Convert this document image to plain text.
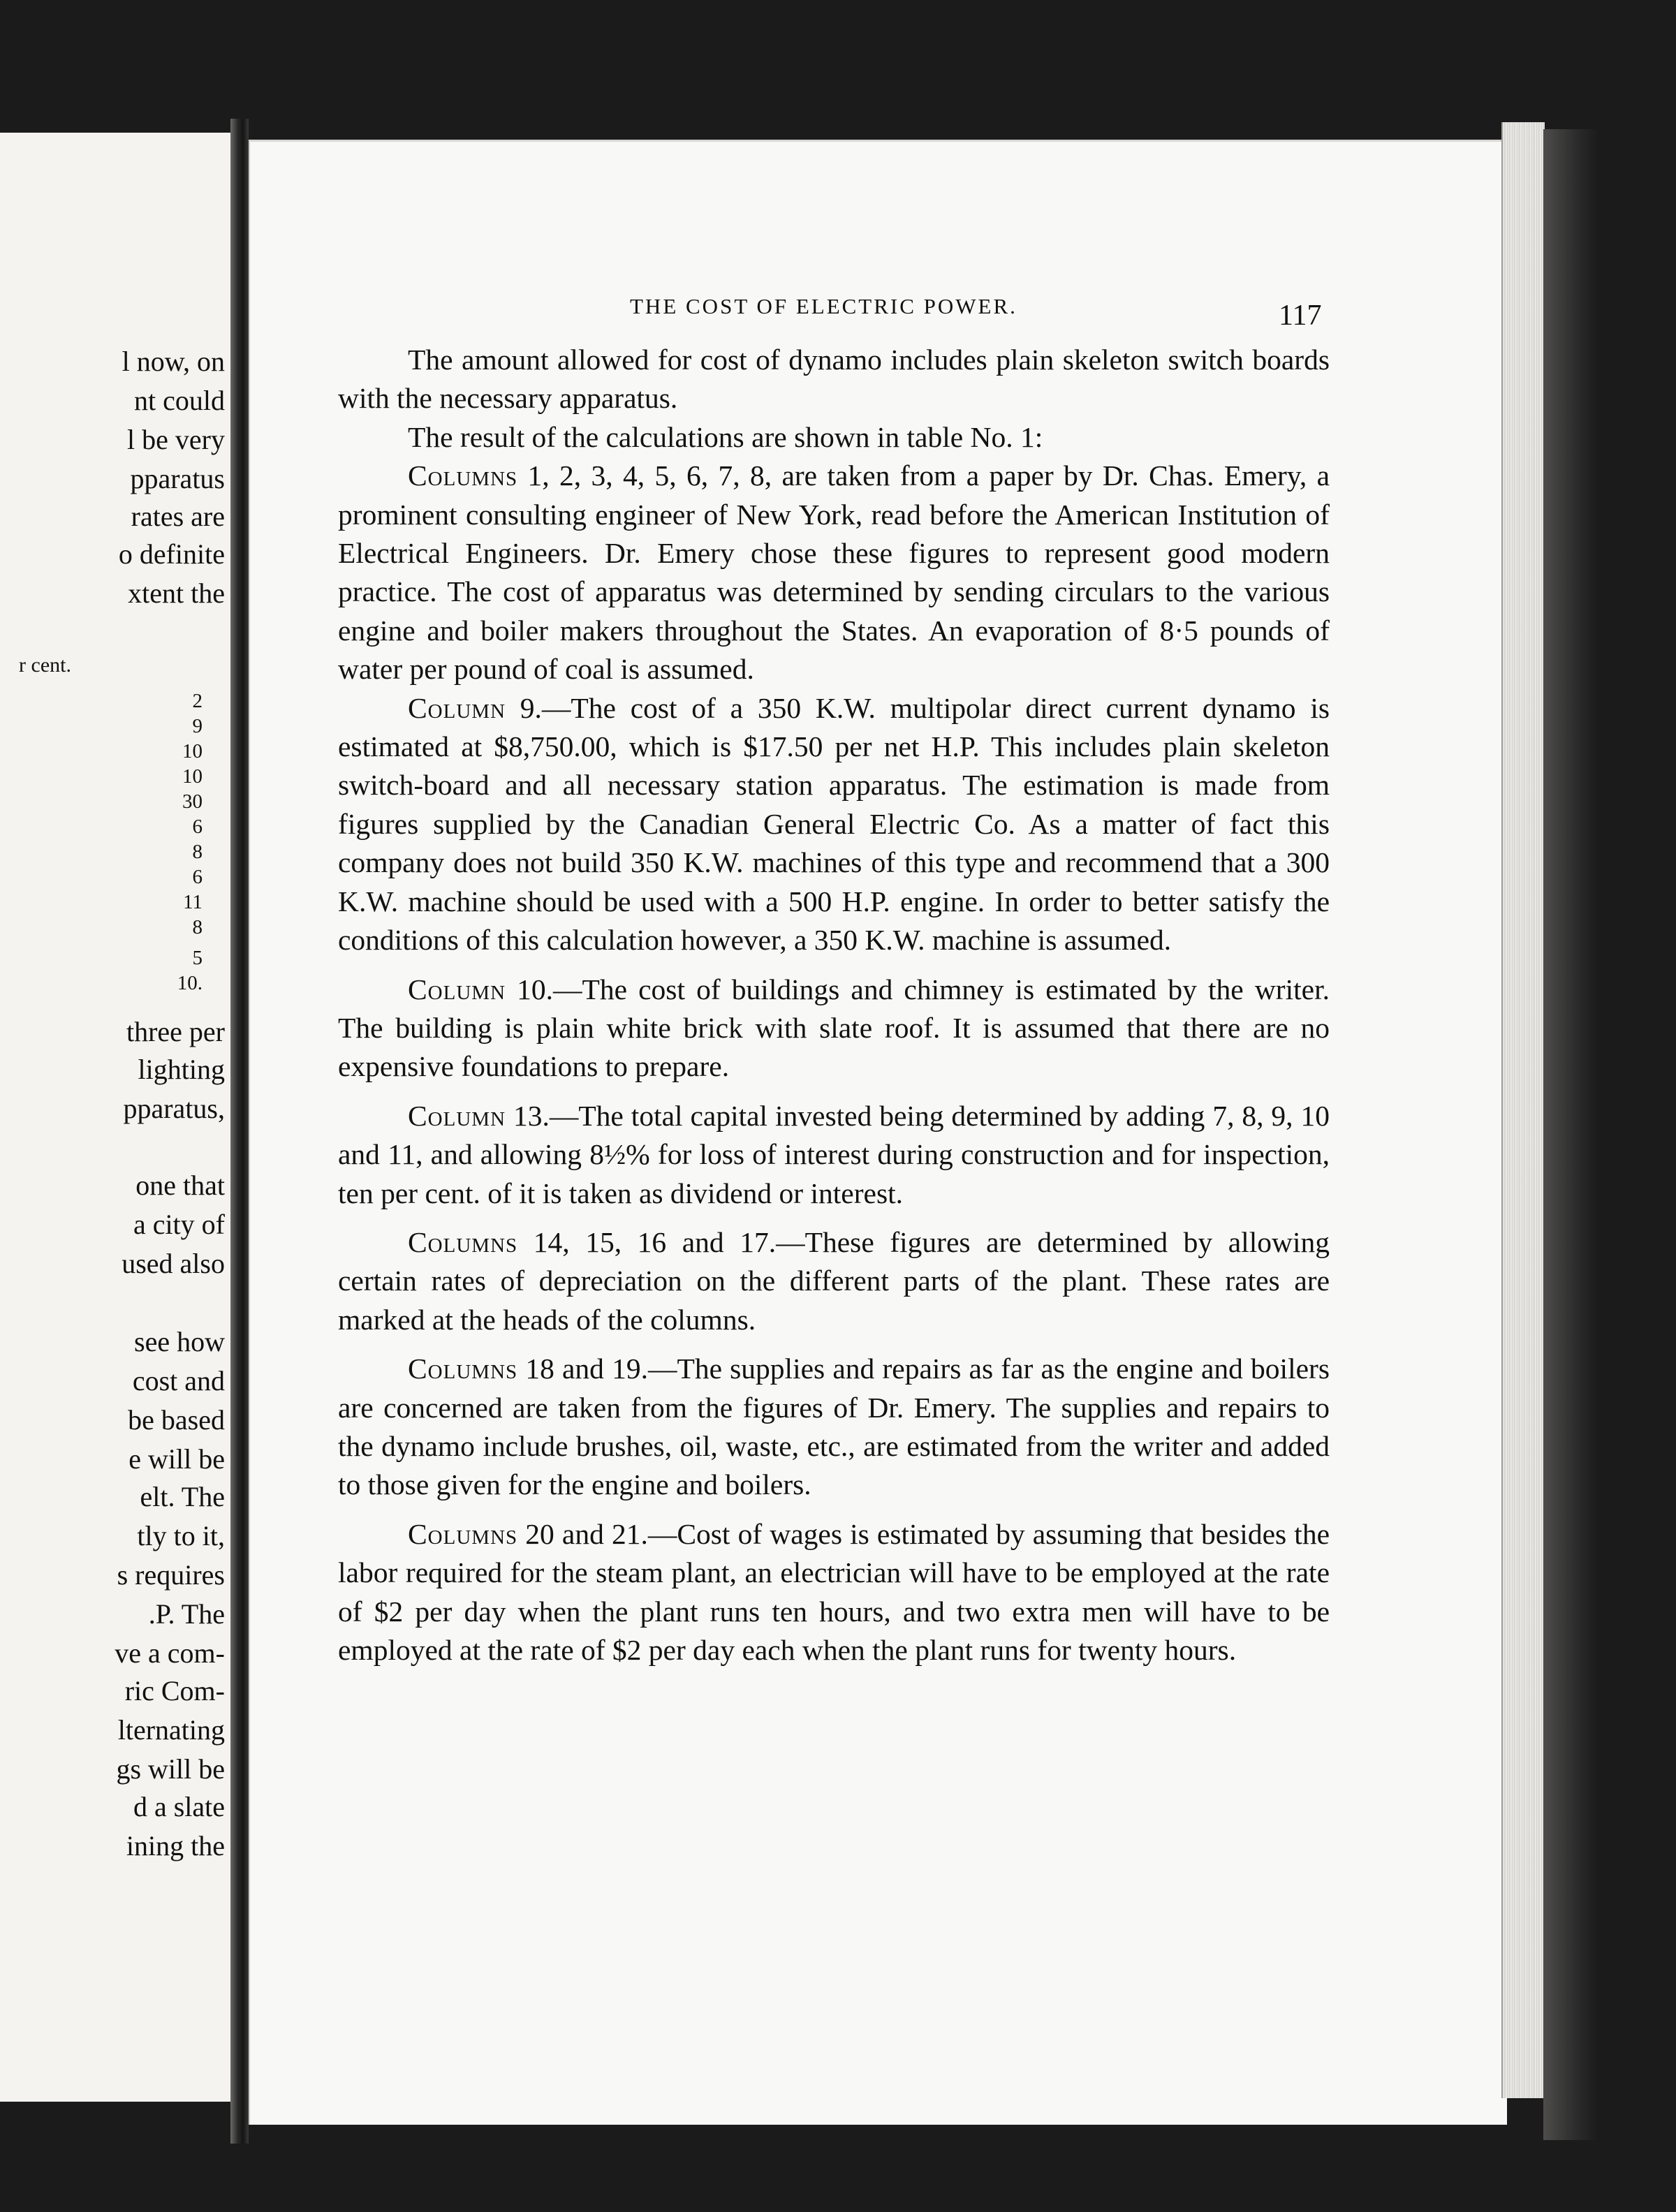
l now, on
nt could
l be very
pparatus
rates are
o definite
xtent the
r cent.
2
9
10
10
30
6
8
6
11
8
5
10.
three per
lighting
pparatus,
one that
a city of
used also
see how
cost and
be based
e will be
elt. The
tly to it,
s requires
.P. The
ve a com-
ric Com-
lternating
gs will be
d a slate
ining the
THE COST OF ELECTRIC POWER.	117

The amount allowed for cost of dynamo includes plain skeleton switch boards with the necessary apparatus.

The result of the calculations are shown in table No. 1:

Columns 1, 2, 3, 4, 5, 6, 7, 8, are taken from a paper by Dr. Chas. Emery, a prominent consulting engineer of New York, read before the American Institution of Electrical Engineers. Dr. Emery chose these figures to represent good modern practice. The cost of apparatus was determined by sending circulars to the various engine and boiler makers throughout the States. An evaporation of 8·5 pounds of water per pound of coal is assumed.

Column 9.—The cost of a 350 K.W. multipolar direct current dynamo is estimated at $8,750.00, which is $17.50 per net H.P. This includes plain skeleton switch-board and all necessary station apparatus. The estimation is made from figures supplied by the Canadian General Electric Co. As a matter of fact this company does not build 350 K.W. machines of this type and recommend that a 300 K.W. machine should be used with a 500 H.P. engine. In order to better satisfy the conditions of this calculation however, a 350 K.W. machine is assumed.

Column 10.—The cost of buildings and chimney is estimated by the writer. The building is plain white brick with slate roof. It is assumed that there are no expensive foundations to prepare.

Column 13.—The total capital invested being determined by adding 7, 8, 9, 10 and 11, and allowing 8½% for loss of interest during construction and for inspection, ten per cent. of it is taken as dividend or interest.

Columns 14, 15, 16 and 17.—These figures are determined by allowing certain rates of depreciation on the different parts of the plant. These rates are marked at the heads of the columns.

Columns 18 and 19.—The supplies and repairs as far as the engine and boilers are concerned are taken from the figures of Dr. Emery. The supplies and repairs to the dynamo include brushes, oil, waste, etc., are estimated from the writer and added to those given for the engine and boilers.

Columns 20 and 21.—Cost of wages is estimated by assuming that besides the labor required for the steam plant, an electrician will have to be employed at the rate of $2 per day when the plant runs ten hours, and two extra men will have to be employed at the rate of $2 per day each when the plant runs for twenty hours.
